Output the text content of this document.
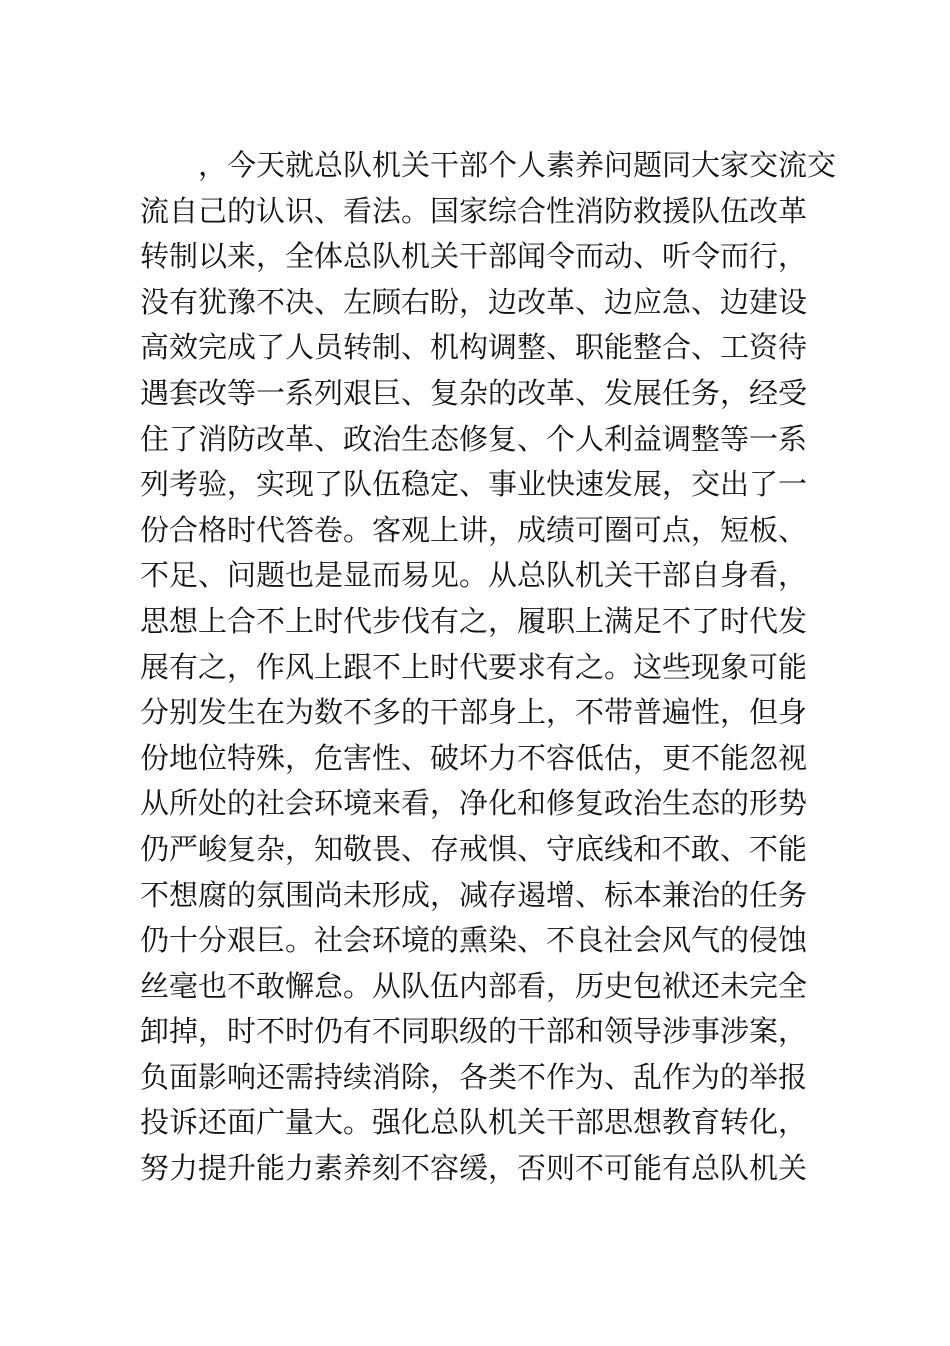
，今天就总队机关干部个人素养问题同大家交流交
流自己的认识、看法。国家综合性消防救援队伍改革
转制以来，全体总队机关干部闻令而动、听令而行，
没有犹豫不决、左顾右盼，边改革、边应急、边建设
高效完成了人员转制、机构调整、职能整合、工资待
遇套改等一系列艰巨、复杂的改革、发展任务，经受
住了消防改革、政治生态修复、个人利益调整等一系
列考验，实现了队伍稳定、事业快速发展，交出了一
份合格时代答卷。客观上讲，成绩可圈可点，短板、
不足、问题也是显而易见。从总队机关干部自身看，
思想上合不上时代步伐有之，履职上满足不了时代发
展有之，作风上跟不上时代要求有之。这些现象可能
分别发生在为数不多的干部身上，不带普遍性，但身
份地位特殊，危害性、破坏力不容低估，更不能忽视
从所处的社会环境来看，净化和修复政治生态的形势
仍严峻复杂，知敬畏、存戒惧、守底线和不敢、不能
不想腐的氛围尚未形成，减存遏增、标本兼治的任务
仍十分艰巨。社会环境的熏染、不良社会风气的侵蚀
丝毫也不敢懈怠。从队伍内部看，历史包袱还未完全
卸掉，时不时仍有不同职级的干部和领导涉事涉案，
负面影响还需持续消除，各类不作为、乱作为的举报
投诉还面广量大。强化总队机关干部思想教育转化，
努力提升能力素养刻不容缓，否则不可能有总队机关
